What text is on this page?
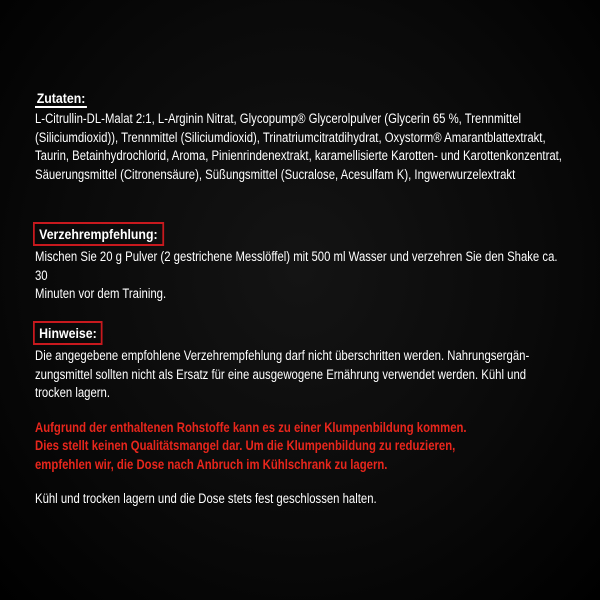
Zutaten:
L-Citrullin-DL-Malat 2:1, L-Arginin Nitrat, Glycopump® Glycerolpulver (Glycerin 65 %, Trennmittel
(Siliciumdioxid)), Trennmittel (Siliciumdioxid), Trinatriumcitratdihydrat, Oxystorm® Amarantblattextrakt,
Taurin, Betainhydrochlorid, Aroma, Pinienrindenextrakt, karamellisierte Karotten- und Karottenkonzentrat,
Säuerungsmittel (Citronensäure), Süßungsmittel (Sucralose, Acesulfam K), Ingwerwurzelextrakt
Verzehrempfehlung:
Mischen Sie 20 g Pulver (2 gestrichene Messlöffel) mit 500 ml Wasser und verzehren Sie den Shake ca. 30
Minuten vor dem Training.
Hinweise:
Die angegebene empfohlene Verzehrempfehlung darf nicht überschritten werden. Nahrungsergän-
zungsmittel sollten nicht als Ersatz für eine ausgewogene Ernährung verwendet werden. Kühl und
trocken lagern.
Aufgrund der enthaltenen Rohstoffe kann es zu einer Klumpenbildung kommen.
Dies stellt keinen Qualitätsmangel dar. Um die Klumpenbildung zu reduzieren,
empfehlen wir, die Dose nach Anbruch im Kühlschrank zu lagern.
Kühl und trocken lagern und die Dose stets fest geschlossen halten.
